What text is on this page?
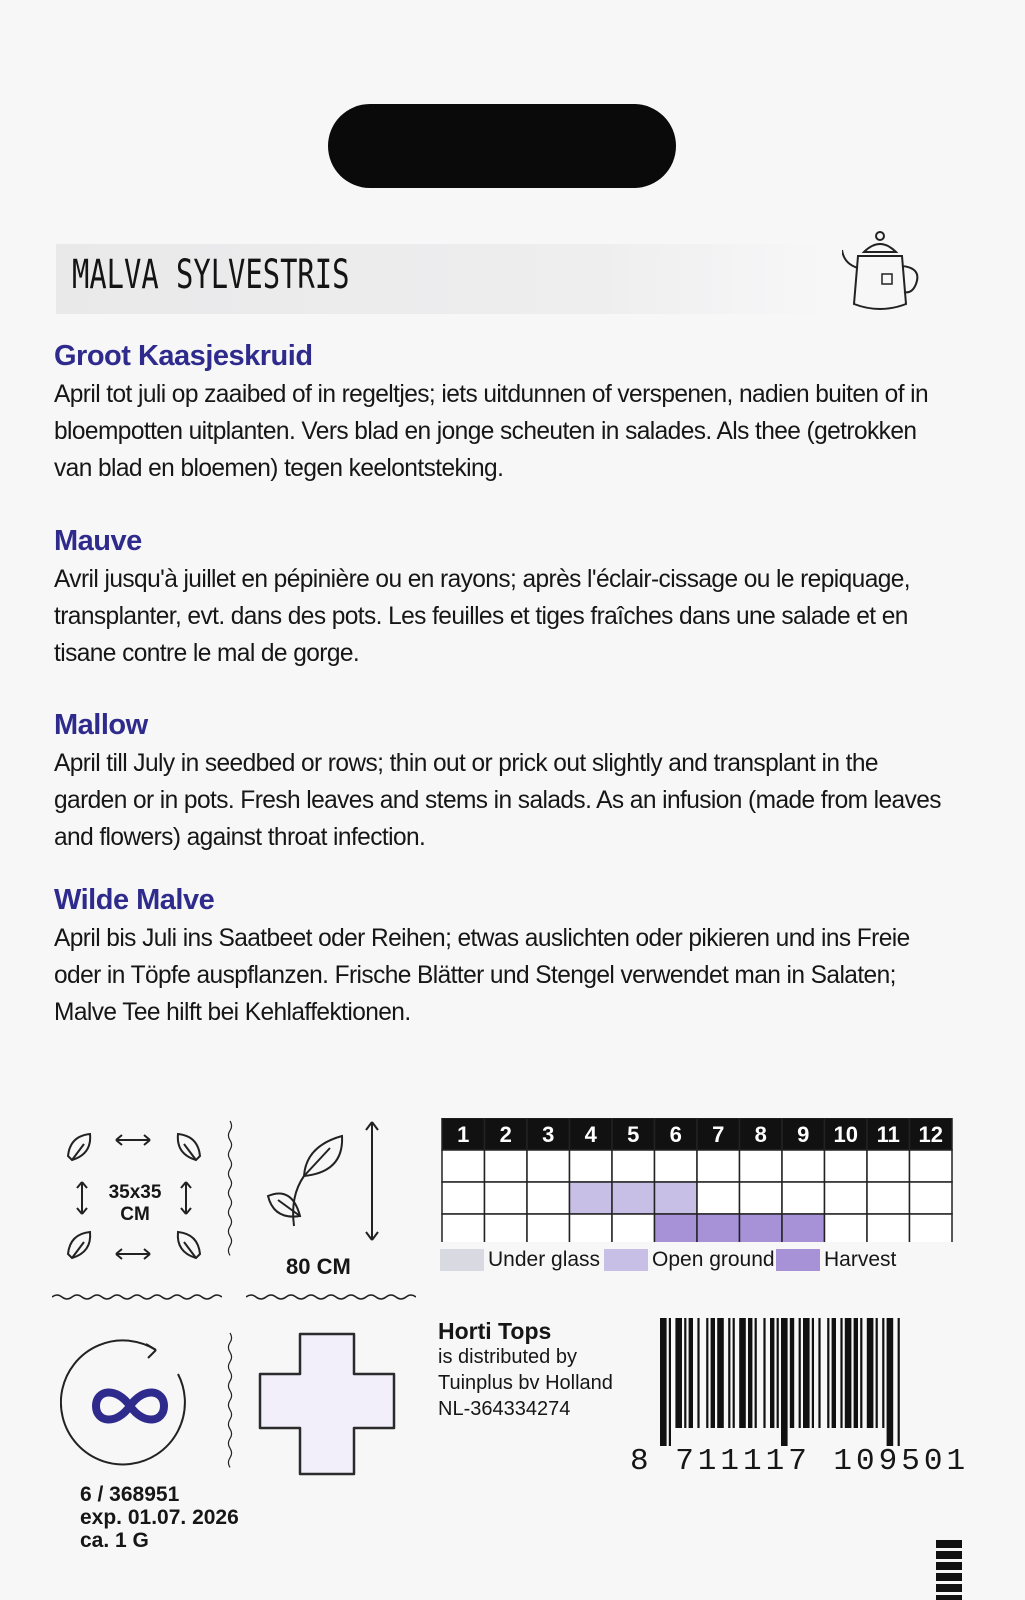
MALVA SYLVESTRIS
Groot Kaasjeskruid

April tot juli op zaaibed of in regeltjes; iets uitdunnen of verspenen, nadien buiten of in bloempotten uitplanten. Vers blad en jonge scheuten in salades. Als thee (getrokken van blad en bloemen) tegen keelontsteking.

Mauve

Avril jusqu'à juillet en pépinière ou en rayons; après l'éclair-cissage ou le repiquage, transplanter, evt. dans des pots. Les feuilles et tiges fraîches dans une salade et en tisane contre le mal de gorge.

Mallow

April till July in seedbed or rows; thin out or prick out slightly and transplant in the garden or in pots. Fresh leaves and stems in salads. As an infusion (made from leaves and flowers) against throat infection.

Wilde Malve

April bis Juli ins Saatbeet oder Reihen; etwas auslichten oder pikieren und ins Freie oder in Töpfe auspflanzen. Frische Blätter und Stengel verwendet man in Salaten; Malve Tee hilft bei Kehlaffektionen.

35x35
CM
80 CM
1 2 3 4 5 6 7 8 9 10 11 12
Under glass Open ground Harvest
Horti Tops
is distributed by
Tuinplus bv Holland
NL-364334274
8 711117 109501
6 / 368951
exp. 01.07. 2026
ca. 1 G
